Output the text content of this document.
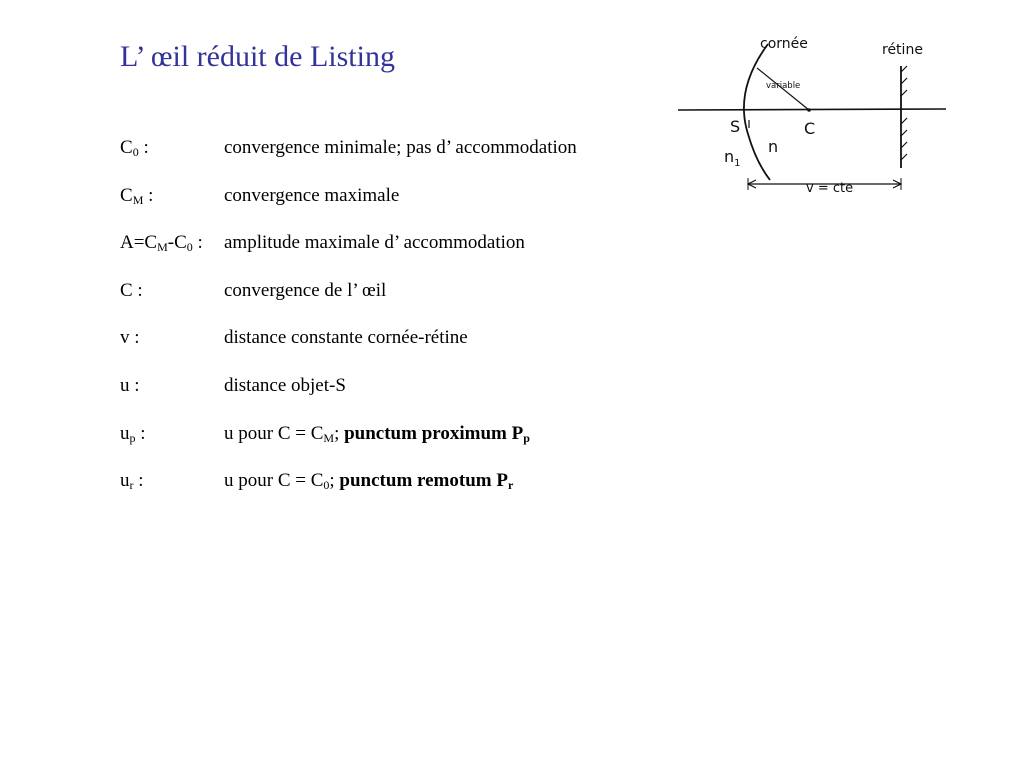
L’ œil réduit de Listing
$C_0$ :	convergence minimale; pas d’ accommodation
$C_M$ :	convergence maximale
$A=C_M-C_0$ : amplitude maximale d’ accommodation
C :	convergence de l’ œil
v :	distance constante cornée-rétine
u :	distance objet-S
$u_p$ :	u pour $C = C_M$; punctum proximum $P_p$
$u_r$ :	u pour $C = C_0$; punctum remotum $P_r$
cornée	rétine
variable
S	C
$n_1$
n
v = cte
